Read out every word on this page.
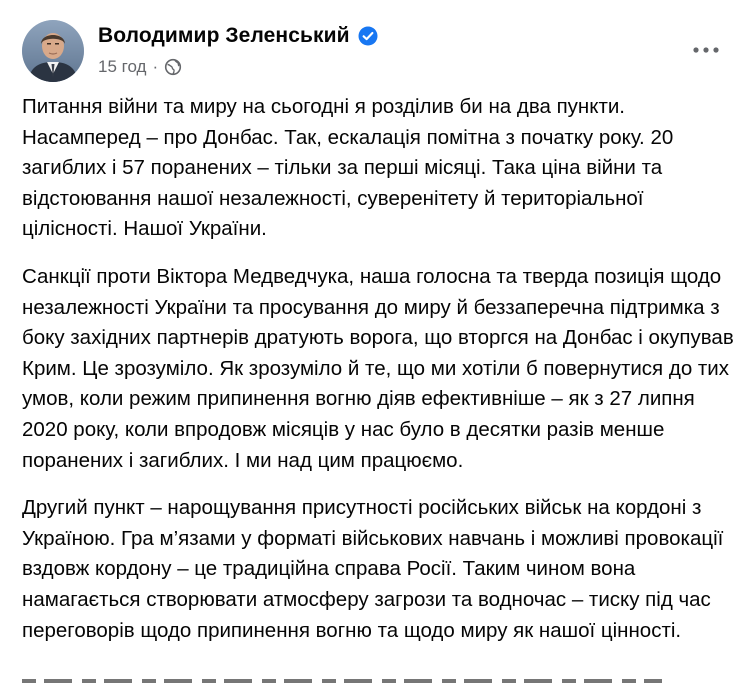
Володимир Зеленський
15 год ·

Питання війни та миру на сьогодні я розділив би на два пункти. Насамперед – про Донбас. Так, ескалація помітна з початку року. 20 загиблих і 57 поранених – тільки за перші місяці. Така ціна війни та відстоювання нашої незалежності, суверенітету й територіальної цілісності. Нашої України.

Санкції проти Віктора Медведчука, наша голосна та тверда позиція щодо незалежності України та просування до миру й беззаперечна підтримка з боку західних партнерів дратують ворога, що вторгся на Донбас і окупував Крим. Це зрозуміло. Як зрозуміло й те, що ми хотіли б повернутися до тих умов, коли режим припинення вогню діяв ефективніше – як з 27 липня 2020 року, коли впродовж місяців у нас було в десятки разів менше поранених і загиблих. І ми над цим працюємо.

Другий пункт – нарощування присутності російських військ на кордоні з Україною. Гра м’язами у форматі військових навчань і можливі провокації вздовж кордону – це традиційна справа Росії. Таким чином вона намагається створювати атмосферу загрози та водночас – тиску під час переговорів щодо припинення вогню та щодо миру як нашої цінності.
